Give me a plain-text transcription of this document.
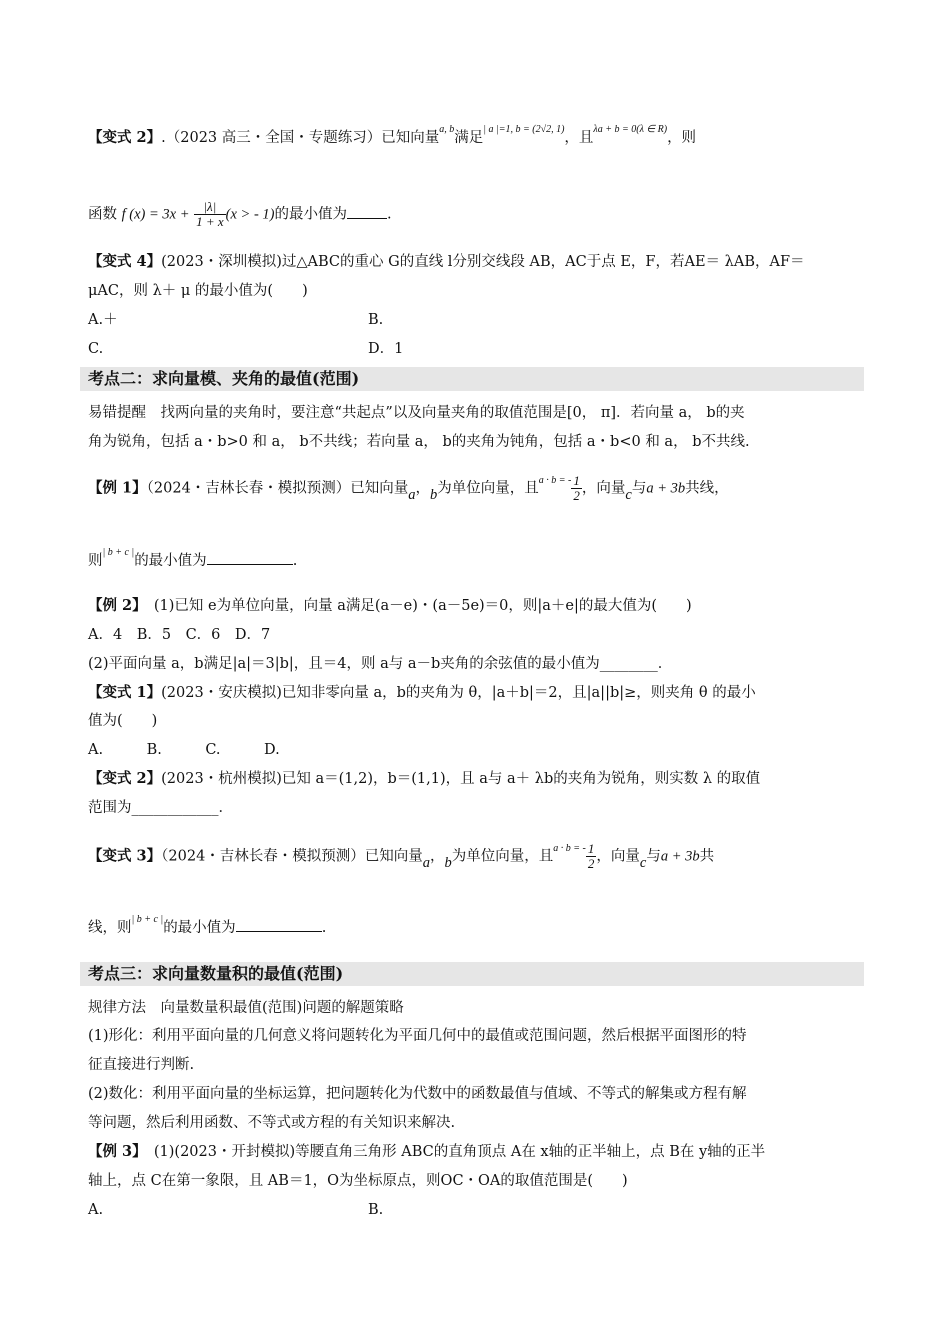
【变式 2】.（2023 高三・全国・专题练习）已知向量$^{a, b}$满足$^{| a |=1, b = (2√2, 1)}$，且$^{\lambda a + b = 0(\lambda \in R)}$，则
函数 f $(x) = 3x + \frac{|\lambda|}{1 + x} (x$ > - 1)的最小值为	.
【变式 4】(2023・深圳模拟)过△ABC的重心 G的直线 l分别交线段 AB，AC于点 E，F，若AE＝ λAB，AF＝
μAC，则 λ＋ μ 的最小值为(　　)
A.＋	B.
C.	D．1
考点二：求向量模、夹角的最值(范围)
易错提醒　找两向量的夹角时，要注意“共起点”以及向量夹角的取值范围是[0， π]．若向量 a， b的夹
角为锐角，包括 a・b>0 和 a， b不共线；若向量 a， b的夹角为钝角，包括 a・b<0 和 a， b不共线.
【例 1】（2024・吉林长春・模拟预测）已知向量a，b为单位向量，且$^{a \cdot b = -} \frac{1}{2}$ ，向量c与a + 3b共线，
则$^{| b + c |}$的最小值为	.
【例 2】　(1)已知 e为单位向量，向量 a满足(a－e)・(a－5e)＝0，则|a＋e|的最大值为(　　)
A．4　B．5　C．6　D．7
(2)平面向量 a，b满足|a|＝3|b|，且＝4，则 a与 a－b夹角的余弦值的最小值为________．
【变式 1】(2023・安庆模拟)已知非零向量 a，b的夹角为 θ，|a＋b|＝2，且|a||b|≥，则夹角 θ 的最小
值为(　　)
A.　　　B.　　　C.　　　D.
【变式 2】(2023・杭州模拟)已知 a＝(1,2)，b＝(1,1)，且 a与 a＋ λb的夹角为锐角，则实数 λ 的取值
范围为____________．
【变式 3】（2024・吉林长春・模拟预测）已知向量a，b为单位向量，且$^{a \cdot b = -} \frac{1}{2}$ ，向量c与a + 3b共
线，则$^{| b + c |}$的最小值为	.
考点三：求向量数量积的最值(范围)
规律方法　向量数量积最值(范围)问题的解题策略
(1)形化：利用平面向量的几何意义将问题转化为平面几何中的最值或范围问题，然后根据平面图形的特
征直接进行判断.
(2)数化：利用平面向量的坐标运算，把问题转化为代数中的函数最值与值域、不等式的解集或方程有解
等问题，然后利用函数、不等式或方程的有关知识来解决.
【例 3】　(1)(2023・开封模拟)等腰直角三角形 ABC的直角顶点 A在 x轴的正半轴上，点 B在 y轴的正半
轴上，点 C在第一象限，且 AB＝1，O为坐标原点，则OC・OA的取值范围是(　　)
A.	B.
